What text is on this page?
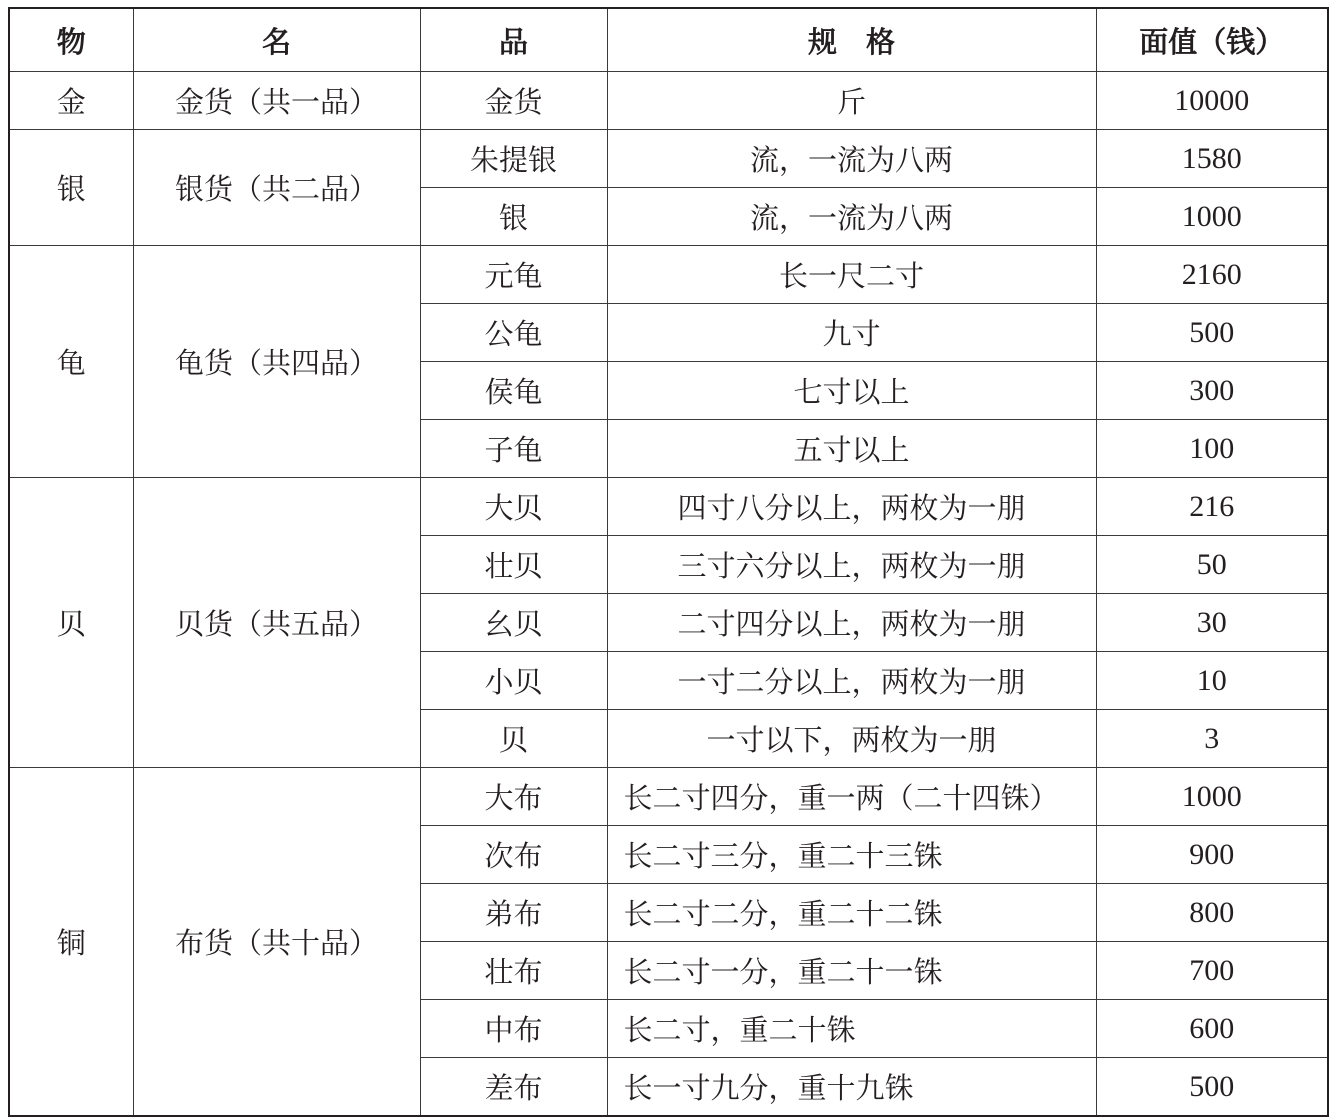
物	名	品	规　格	面值（钱）
金	金货（共一品）	金货	斤	10000
银	银货（共二品）	朱提银	流，一流为八两	1580
		银	流，一流为八两	1000
龟	龟货（共四品）	元龟	长一尺二寸	2160
		公龟	九寸	500
		侯龟	七寸以上	300
		子龟	五寸以上	100
贝	贝货（共五品）	大贝	四寸八分以上，两枚为一朋	216
		壮贝	三寸六分以上，两枚为一朋	50
		幺贝	二寸四分以上，两枚为一朋	30
		小贝	一寸二分以上，两枚为一朋	10
		贝	一寸以下，两枚为一朋	3
铜	布货（共十品）	大布	长二寸四分，重一两（二十四铢）	1000
		次布	长二寸三分，重二十三铢	900
		弟布	长二寸二分，重二十二铢	800
		壮布	长二寸一分，重二十一铢	700
		中布	长二寸，重二十铢	600
		差布	长一寸九分，重十九铢	500
